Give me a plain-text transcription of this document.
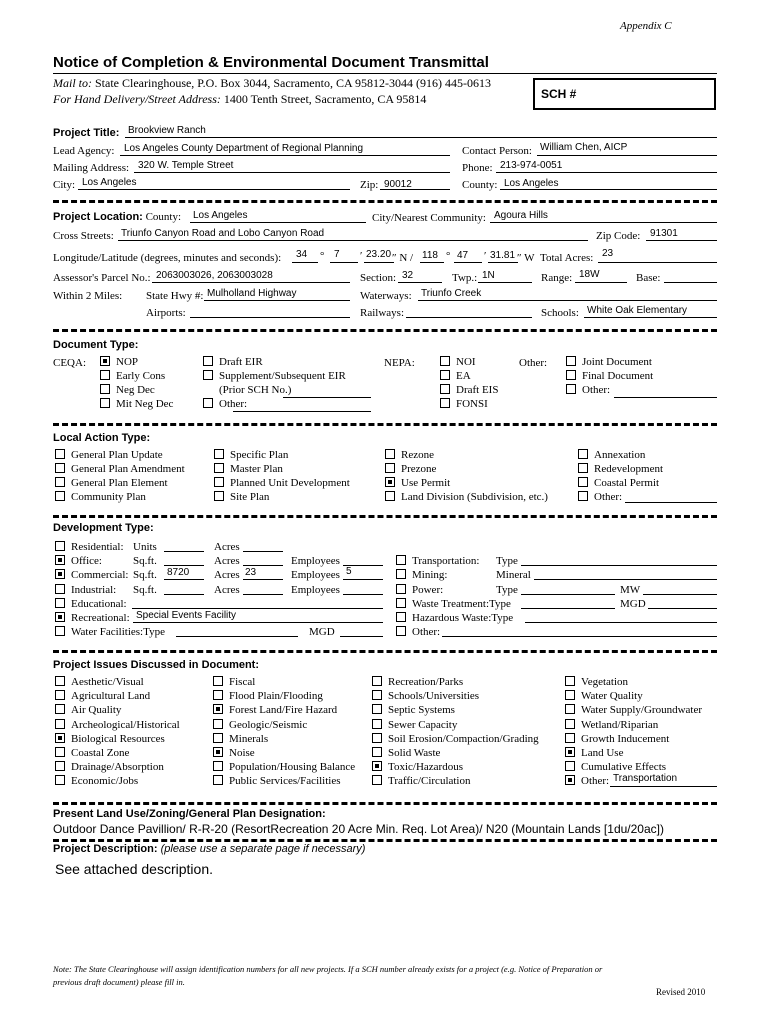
Appendix C
Notice of Completion & Environmental Document Transmittal
Mail to: State Clearinghouse, P.O. Box 3044, Sacramento, CA 95812-3044 (916) 445-0613
For Hand Delivery/Street Address: 1400 Tenth Street, Sacramento, CA 95814	SCH #
Project Title: Brookview Ranch
Lead Agency: Los Angeles County Department of Regional Planning	Contact Person: William Chen, AICP
Mailing Address: 320 W. Temple Street	Phone: 213-974-0051
City: Los Angeles	Zip: 90012	County: Los Angeles
Project Location: County: Los Angeles	City/Nearest Community: Agoura Hills
Cross Streets: Triunfo Canyon Road and Lobo Canyon Road	Zip Code: 91301
Longitude/Latitude (degrees, minutes and seconds): 34 ° 7 ′ 23.20 ″ N / 118 ° 47 ′ 31.81 ″ W Total Acres: 23
Assessor's Parcel No.: 2063003026, 2063003028	Section: 32	Twp.: 1N	Range: 18W	Base:
Within 2 Miles: State Hwy #: Mulholland Highway	Waterways: Triunfo Creek
Airports:	Railways:	Schools: White Oak Elementary
Document Type:
CEQA:	NOP
Early Cons
Neg Dec
Mit Neg Dec
Draft EIR
Supplement/Subsequent EIR
(Prior SCH No.)
Other:
NEPA:	NOI
EA
Draft EIS
FONSI
Other:	Joint Document
Final Document
Other:
Local Action Type:
General Plan Update
General Plan Amendment
General Plan Element
Community Plan
Specific Plan
Master Plan
Planned Unit Development
Site Plan
Rezone
Prezone
Use Permit
Land Division (Subdivision, etc.)
Annexation
Redevelopment
Coastal Permit
Other:
Development Type:
Residential: Units	Acres
Office:	Sq.ft.	Acres	Employees
Commercial: Sq.ft. 8720 Acres 23	Employees 5
Industrial: Sq.ft.	Acres	Employees
Educational:
Recreational: Special Events Facility
Water Facilities:Type	MGD
Transportation: Type
Mining:	Mineral
Power:	Type	MW
Waste Treatment:Type	MGD
Hazardous Waste:Type
Other:
Project Issues Discussed in Document:
Aesthetic/Visual
Agricultural Land
Air Quality
Archeological/Historical
Biological Resources
Coastal Zone
Drainage/Absorption
Economic/Jobs
Fiscal
Flood Plain/Flooding
Forest Land/Fire Hazard
Geologic/Seismic
Minerals
Noise
Population/Housing Balance
Public Services/Facilities
Recreation/Parks
Schools/Universities
Septic Systems
Sewer Capacity
Soil Erosion/Compaction/Grading
Solid Waste
Toxic/Hazardous
Traffic/Circulation
Vegetation
Water Quality
Water Supply/Groundwater
Wetland/Riparian
Growth Inducement
Land Use
Cumulative Effects
Other: Transportation
Present Land Use/Zoning/General Plan Designation:
Outdoor Dance Pavillion/ R-R-20 (ResortRecreation 20 Acre Min. Req. Lot Area)/ N20 (Mountain Lands [1du/20ac])
Project Description: (please use a separate page if necessary)
See attached description.
Note: The State Clearinghouse will assign identification numbers for all new projects. If a SCH number already exists for a project (e.g. Notice of Preparation or
previous draft document) please fill in.
Revised 2010
